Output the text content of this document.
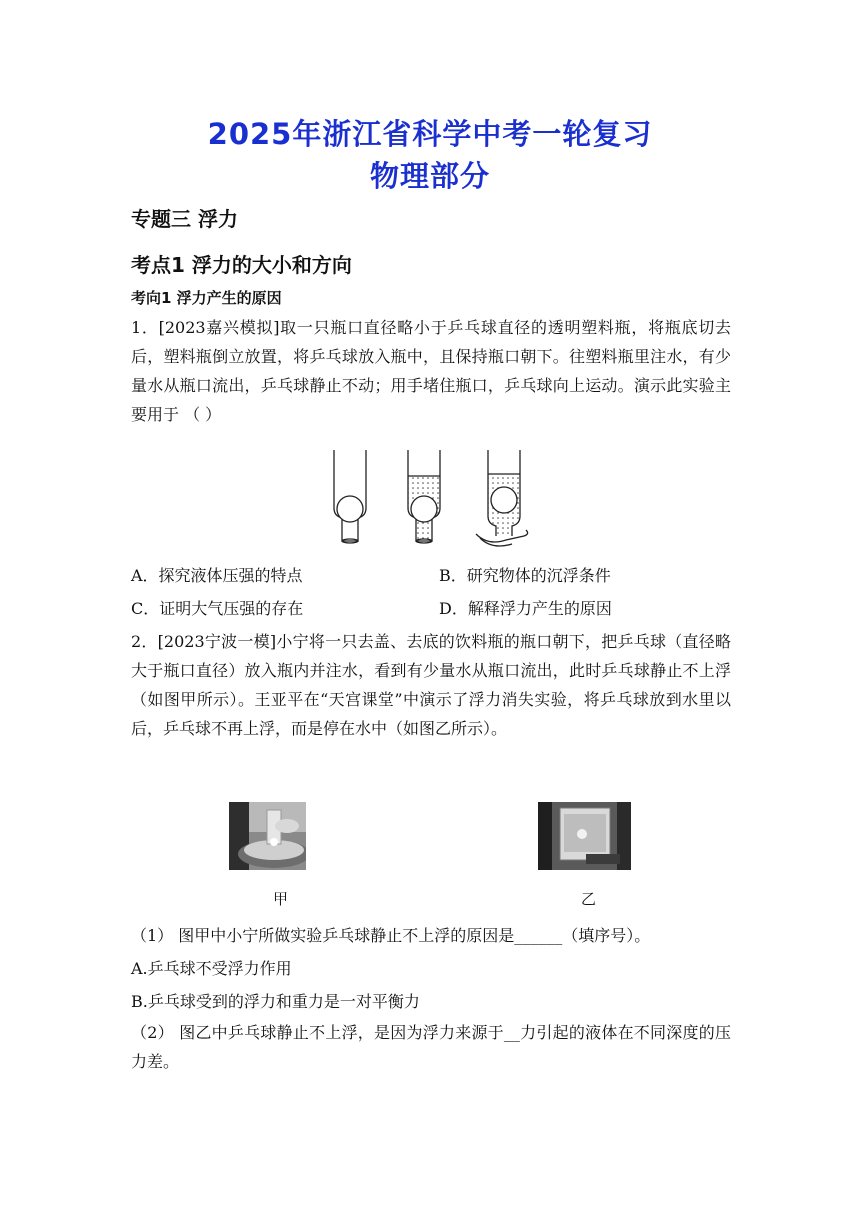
2025年浙江省科学中考一轮复习
物理部分
专题三 浮力
考点1 浮力的大小和方向
考向1 浮力产生的原因
1．[2023嘉兴模拟]取一只瓶口直径略小于乒乓球直径的透明塑料瓶，将瓶底切去后，塑料瓶倒立放置，将乒乓球放入瓶中，且保持瓶口朝下。往塑料瓶里注水，有少量水从瓶口流出，乒乓球静止不动；用手堵住瓶口，乒乓球向上运动。演示此实验主要用于 （ ）
A．探究液体压强的特点	B．研究物体的沉浮条件
C．证明大气压强的存在	D．解释浮力产生的原因
2．[2023宁波一模]小宁将一只去盖、去底的饮料瓶的瓶口朝下，把乒乓球（直径略大于瓶口直径）放入瓶内并注水，看到有少量水从瓶口流出，此时乒乓球静止不上浮（如图甲所示）。王亚平在“天宫课堂”中演示了浮力消失实验，将乒乓球放到水里以后，乒乓球不再上浮，而是停在水中（如图乙所示）。
甲	乙
（1） 图甲中小宁所做实验乒乓球静止不上浮的原因是______（填序号）。
A.乒乓球不受浮力作用
B.乒乓球受到的浮力和重力是一对平衡力
（2） 图乙中乒乓球静止不上浮，是因为浮力来源于__力引起的液体在不同深度的压力差。
